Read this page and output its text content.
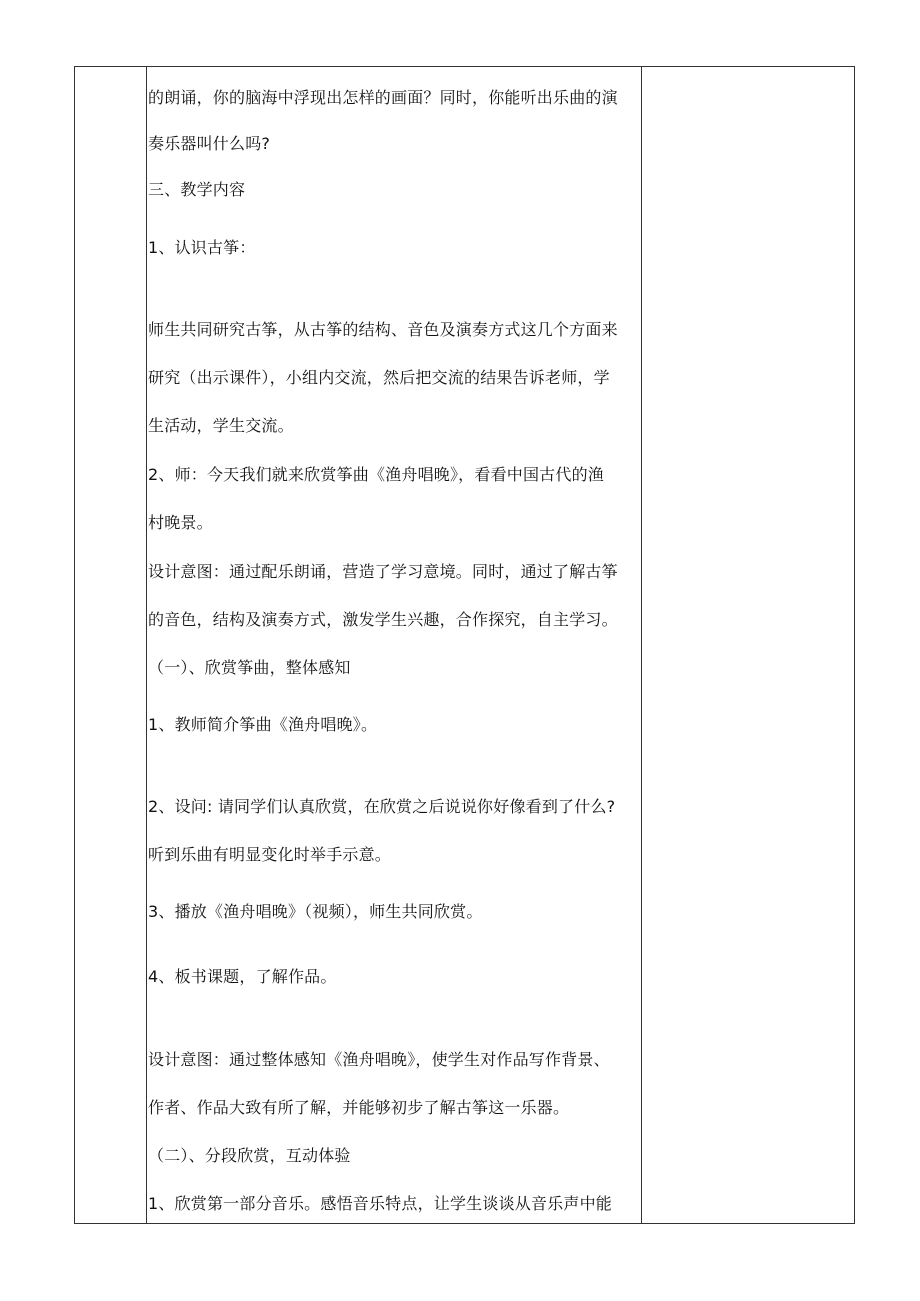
的朗诵，你的脑海中浮现出怎样的画面？同时，你能听出乐曲的演

奏乐器叫什么吗?

三、教学内容

1、认识古筝：

师生共同研究古筝，从古筝的结构、音色及演奏方式这几个方面来

研究（出示课件），小组内交流，然后把交流的结果告诉老师，学

生活动，学生交流。

2、师：今天我们就来欣赏筝曲《渔舟唱晚》，看看中国古代的渔

村晚景。

设计意图：通过配乐朗诵，营造了学习意境。同时，通过了解古筝

的音色，结构及演奏方式，激发学生兴趣，合作探究，自主学习。

（一）、欣赏筝曲，整体感知

1、教师简介筝曲《渔舟唱晚》。

2、设问: 请同学们认真欣赏，在欣赏之后说说你好像看到了什么?

听到乐曲有明显变化时举手示意。

3、播放《渔舟唱晚》（视频），师生共同欣赏。

4、板书课题，了解作品。

设计意图：通过整体感知《渔舟唱晚》，使学生对作品写作背景、

作者、作品大致有所了解，并能够初步了解古筝这一乐器。

（二）、分段欣赏，互动体验

1、欣赏第一部分音乐。感悟音乐特点，让学生谈谈从音乐声中能
